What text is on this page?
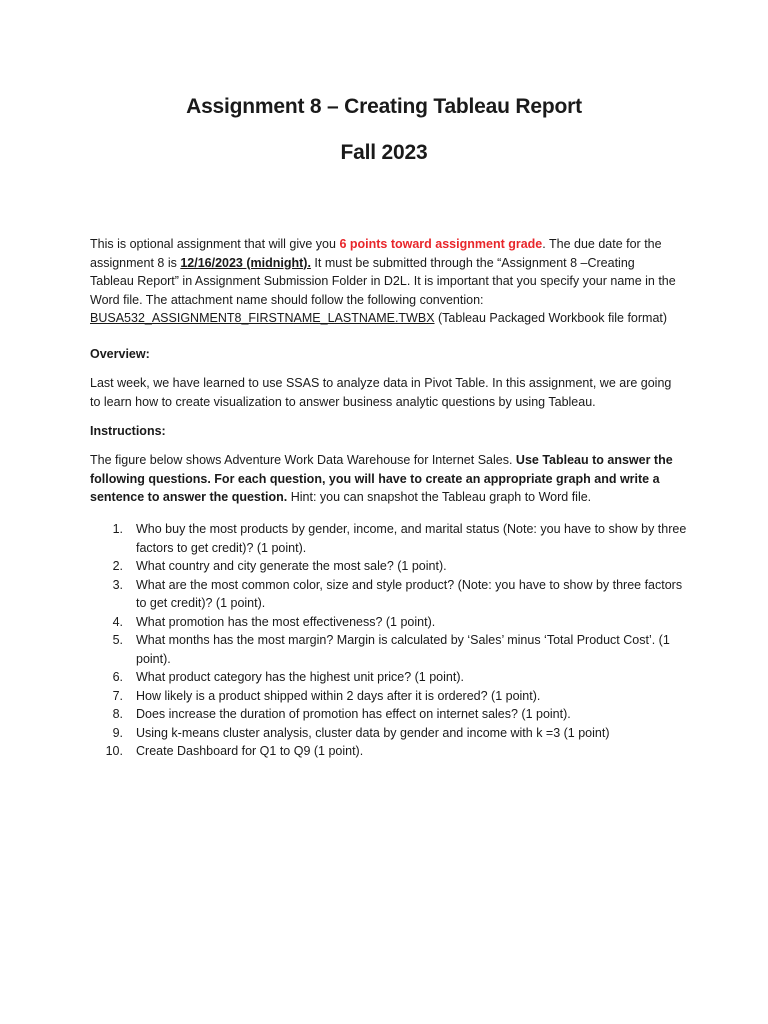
Assignment 8 – Creating Tableau Report
Fall 2023
This is optional assignment that will give you 6 points toward assignment grade. The due date for the assignment 8 is 12/16/2023 (midnight). It must be submitted through the “Assignment 8 –Creating Tableau Report” in Assignment Submission Folder in D2L. It is important that you specify your name in the Word file. The attachment name should follow the following convention: BUSA532_ASSIGNMENT8_FIRSTNAME_LASTNAME.TWBX (Tableau Packaged Workbook file format)
Overview:
Last week, we have learned to use SSAS to analyze data in Pivot Table. In this assignment, we are going to learn how to create visualization to answer business analytic questions by using Tableau.
Instructions:
The figure below shows Adventure Work Data Warehouse for Internet Sales. Use Tableau to answer the following questions. For each question, you will have to create an appropriate graph and write a sentence to answer the question. Hint: you can snapshot the Tableau graph to Word file.
1. Who buy the most products by gender, income, and marital status (Note: you have to show by three factors to get credit)? (1 point).
2. What country and city generate the most sale? (1 point).
3. What are the most common color, size and style product? (Note: you have to show by three factors to get credit)? (1 point).
4. What promotion has the most effectiveness? (1 point).
5. What months has the most margin? Margin is calculated by ‘Sales’ minus ‘Total Product Cost’. (1 point).
6. What product category has the highest unit price? (1 point).
7. How likely is a product shipped within 2 days after it is ordered? (1 point).
8. Does increase the duration of promotion has effect on internet sales? (1 point).
9. Using k-means cluster analysis, cluster data by gender and income with k =3 (1 point)
10. Create Dashboard for Q1 to Q9 (1 point).
